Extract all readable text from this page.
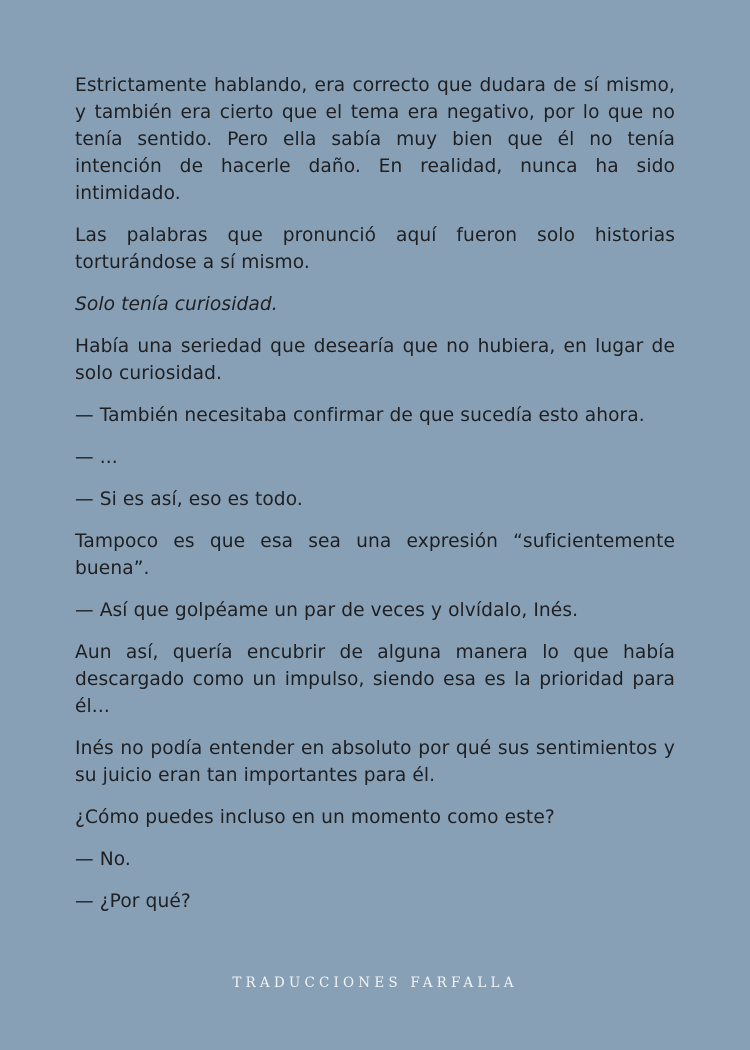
Estrictamente hablando, era correcto que dudara de sí mismo, y también era cierto que el tema era negativo, por lo que no tenía sentido. Pero ella sabía muy bien que él no tenía intención de hacerle daño. En realidad, nunca ha sido intimidado.

Las palabras que pronunció aquí fueron solo historias torturándose a sí mismo.

Solo tenía curiosidad.

Había una seriedad que desearía que no hubiera, en lugar de solo curiosidad.

— También necesitaba confirmar de que sucedía esto ahora.

— ...

— Si es así, eso es todo.

Tampoco es que esa sea una expresión “suficientemente buena”.

— Así que golpéame un par de veces y olvídalo, Inés.

Aun así, quería encubrir de alguna manera lo que había descargado como un impulso, siendo esa es la prioridad para él...

Inés no podía entender en absoluto por qué sus sentimientos y su juicio eran tan importantes para él.

¿Cómo puedes incluso en un momento como este?

— No.

— ¿Por qué?

TRADUCCIONES FARFALLA
